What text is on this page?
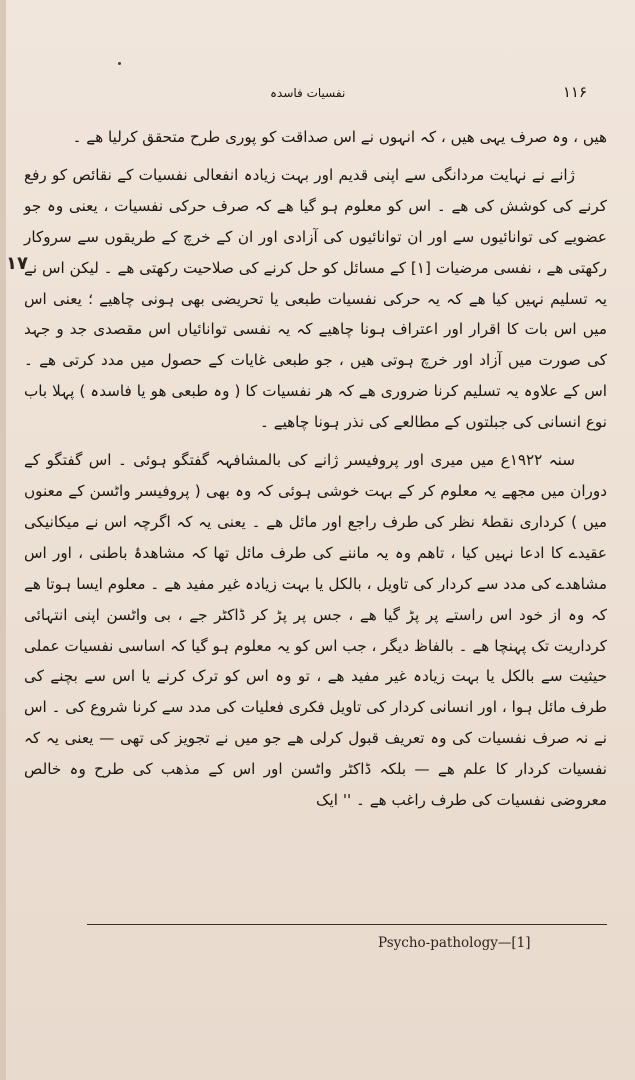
نفسیات فاسدہ	۱۱۶
۱۷

ھیں ، وہ صرف یہی ھیں ، کہ انہوں نے اس صداقت کو پوری طرح متحقق کرلیا ھے ۔

ژانے نے نہایت مردانگی سے اپنی قدیم اور بہت زیادہ انفعالی نفسیات کے نقائص کو رفع کرنے کی کوشش کی ھے ۔ اس کو معلوم ہو گیا ھے کہ صرف حرکی نفسیات ، یعنی وہ جو عضویے کی توانائیوں سے اور ان توانائیوں کی آزادی اور ان کے خرچ کے طریقوں سے سروکار رکھتی ھے ، نفسی مرضیات [۱] کے مسائل کو حل کرنے کی صلاحیت رکھتی ھے ۔ لیکن اس نے یہ تسلیم نہیں کیا ھے کہ یہ حرکی نفسیات طبعی یا تحریضی بھی ہونی چاھیے ؛ یعنی اس میں اس بات کا اقرار اور اعتراف ہونا چاھیے کہ یہ نفسی توانائیاں اس مقصدی جد و جہد کی صورت میں آزاد اور خرچ ہوتی ھیں ، جو طبعی غایات کے حصول میں مدد کرتی ھے ۔ اس کے علاوہ یہ تسلیم کرنا ضروری ھے کہ ھر نفسیات کا ( وہ طبعی ھو یا فاسدہ ) پہلا باب نوع انسانی کی جبلتوں کے مطالعے کی نذر ہونا چاھیے ۔

سنہ ۱۹۲۲ع میں میری اور پروفیسر ژانے کی بالمشافہہ گفتگو ہوئی ۔ اس گفتگو کے دوران میں مجھے یہ معلوم کر کے بہت خوشی ہوئی کہ وہ بھی ( پروفیسر واٹسن کے معنوں میں ) کرداری نقطۂ نظر کی طرف راجع اور مائل ھے ۔ یعنی یہ کہ اگرچہ اس نے میکانیکی عقیدے کا ادعا نہیں کیا ، تاھم وہ یہ ماننے کی طرف مائل تھا کہ مشاھدۂ باطنی ، اور اس مشاھدے کی مدد سے کردار کی تاویل ، بالکل یا بہت زیادہ غیر مفید ھے ۔ معلوم ایسا ہوتا ھے کہ وہ از خود اس راستے پر پڑ گیا ھے ، جس پر پڑ کر ڈاکٹر جے ، بی واٹسن اپنی انتہائی کرداریت تک پہنچا ھے ۔ بالفاظ دیگر ، جب اس کو یہ معلوم ہو گیا کہ اساسی نفسیات عملی حیثیت سے بالکل یا بہت زیادہ غیر مفید ھے ، تو وہ اس کو ترک کرنے یا اس سے بچنے کی طرف مائل ہوا ، اور انسانی کردار کی تاویل فکری فعلیات کی مدد سے کرنا شروع کی ۔ اس نے نہ صرف نفسیات کی وہ تعریف قبول کرلی ھے جو میں نے تجویز کی تھی — یعنی یہ کہ نفسیات کردار کا علم ھے — بلکہ ڈاکٹر واٹسن اور اس کے مذھب کی طرح وہ خالص معروضی نفسیات کی طرف راغب ھے ۔ '' ایک

Psycho-pathology—[1]
